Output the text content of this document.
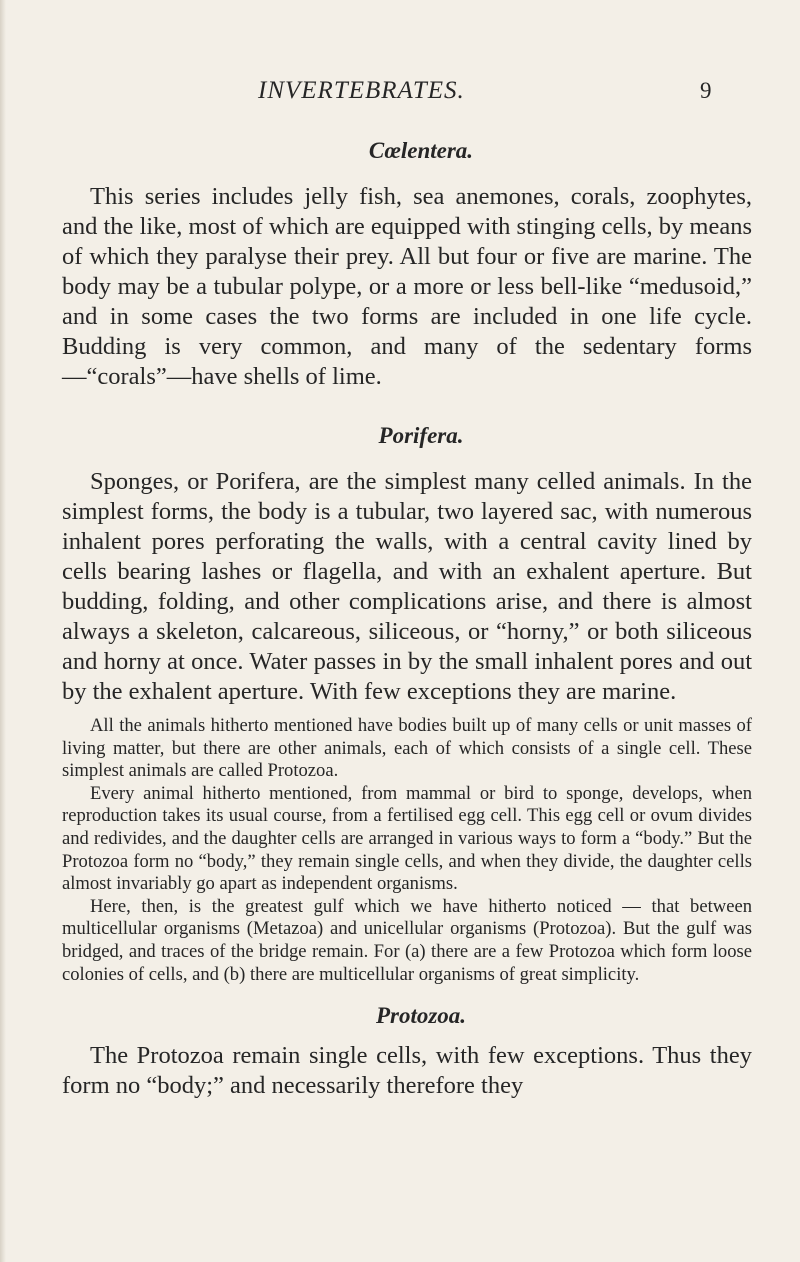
INVERTEBRATES.	9
Cœlentera.

This series includes jelly fish, sea anemones, corals, zoophytes, and the like, most of which are equipped with stinging cells, by means of which they paralyse their prey. All but four or five are marine. The body may be a tubular polype, or a more or less bell-like “medusoid,” and in some cases the two forms are included in one life cycle. Budding is very common, and many of the sedentary forms —“corals”—have shells of lime.

Porifera.

Sponges, or Porifera, are the simplest many celled animals. In the simplest forms, the body is a tubular, two layered sac, with numerous inhalent pores perforating the walls, with a central cavity lined by cells bearing lashes or flagella, and with an exhalent aperture. But budding, folding, and other complications arise, and there is almost always a skeleton, calcareous, siliceous, or “horny,” or both siliceous and horny at once. Water passes in by the small inhalent pores and out by the exhalent aperture. With few exceptions they are marine.

All the animals hitherto mentioned have bodies built up of many cells or unit masses of living matter, but there are other animals, each of which consists of a single cell. These simplest animals are called Protozoa.

Every animal hitherto mentioned, from mammal or bird to sponge, develops, when reproduction takes its usual course, from a fertilised egg cell. This egg cell or ovum divides and redivides, and the daughter cells are arranged in various ways to form a “body.” But the Protozoa form no “body,” they remain single cells, and when they divide, the daughter cells almost invariably go apart as independent organisms.

Here, then, is the greatest gulf which we have hitherto noticed — that between multicellular organisms (Metazoa) and unicellular organisms (Protozoa). But the gulf was bridged, and traces of the bridge remain. For (a) there are a few Protozoa which form loose colonies of cells, and (b) there are multicellular organisms of great simplicity.

Protozoa.

The Protozoa remain single cells, with few exceptions. Thus they form no “body;” and necessarily therefore they
